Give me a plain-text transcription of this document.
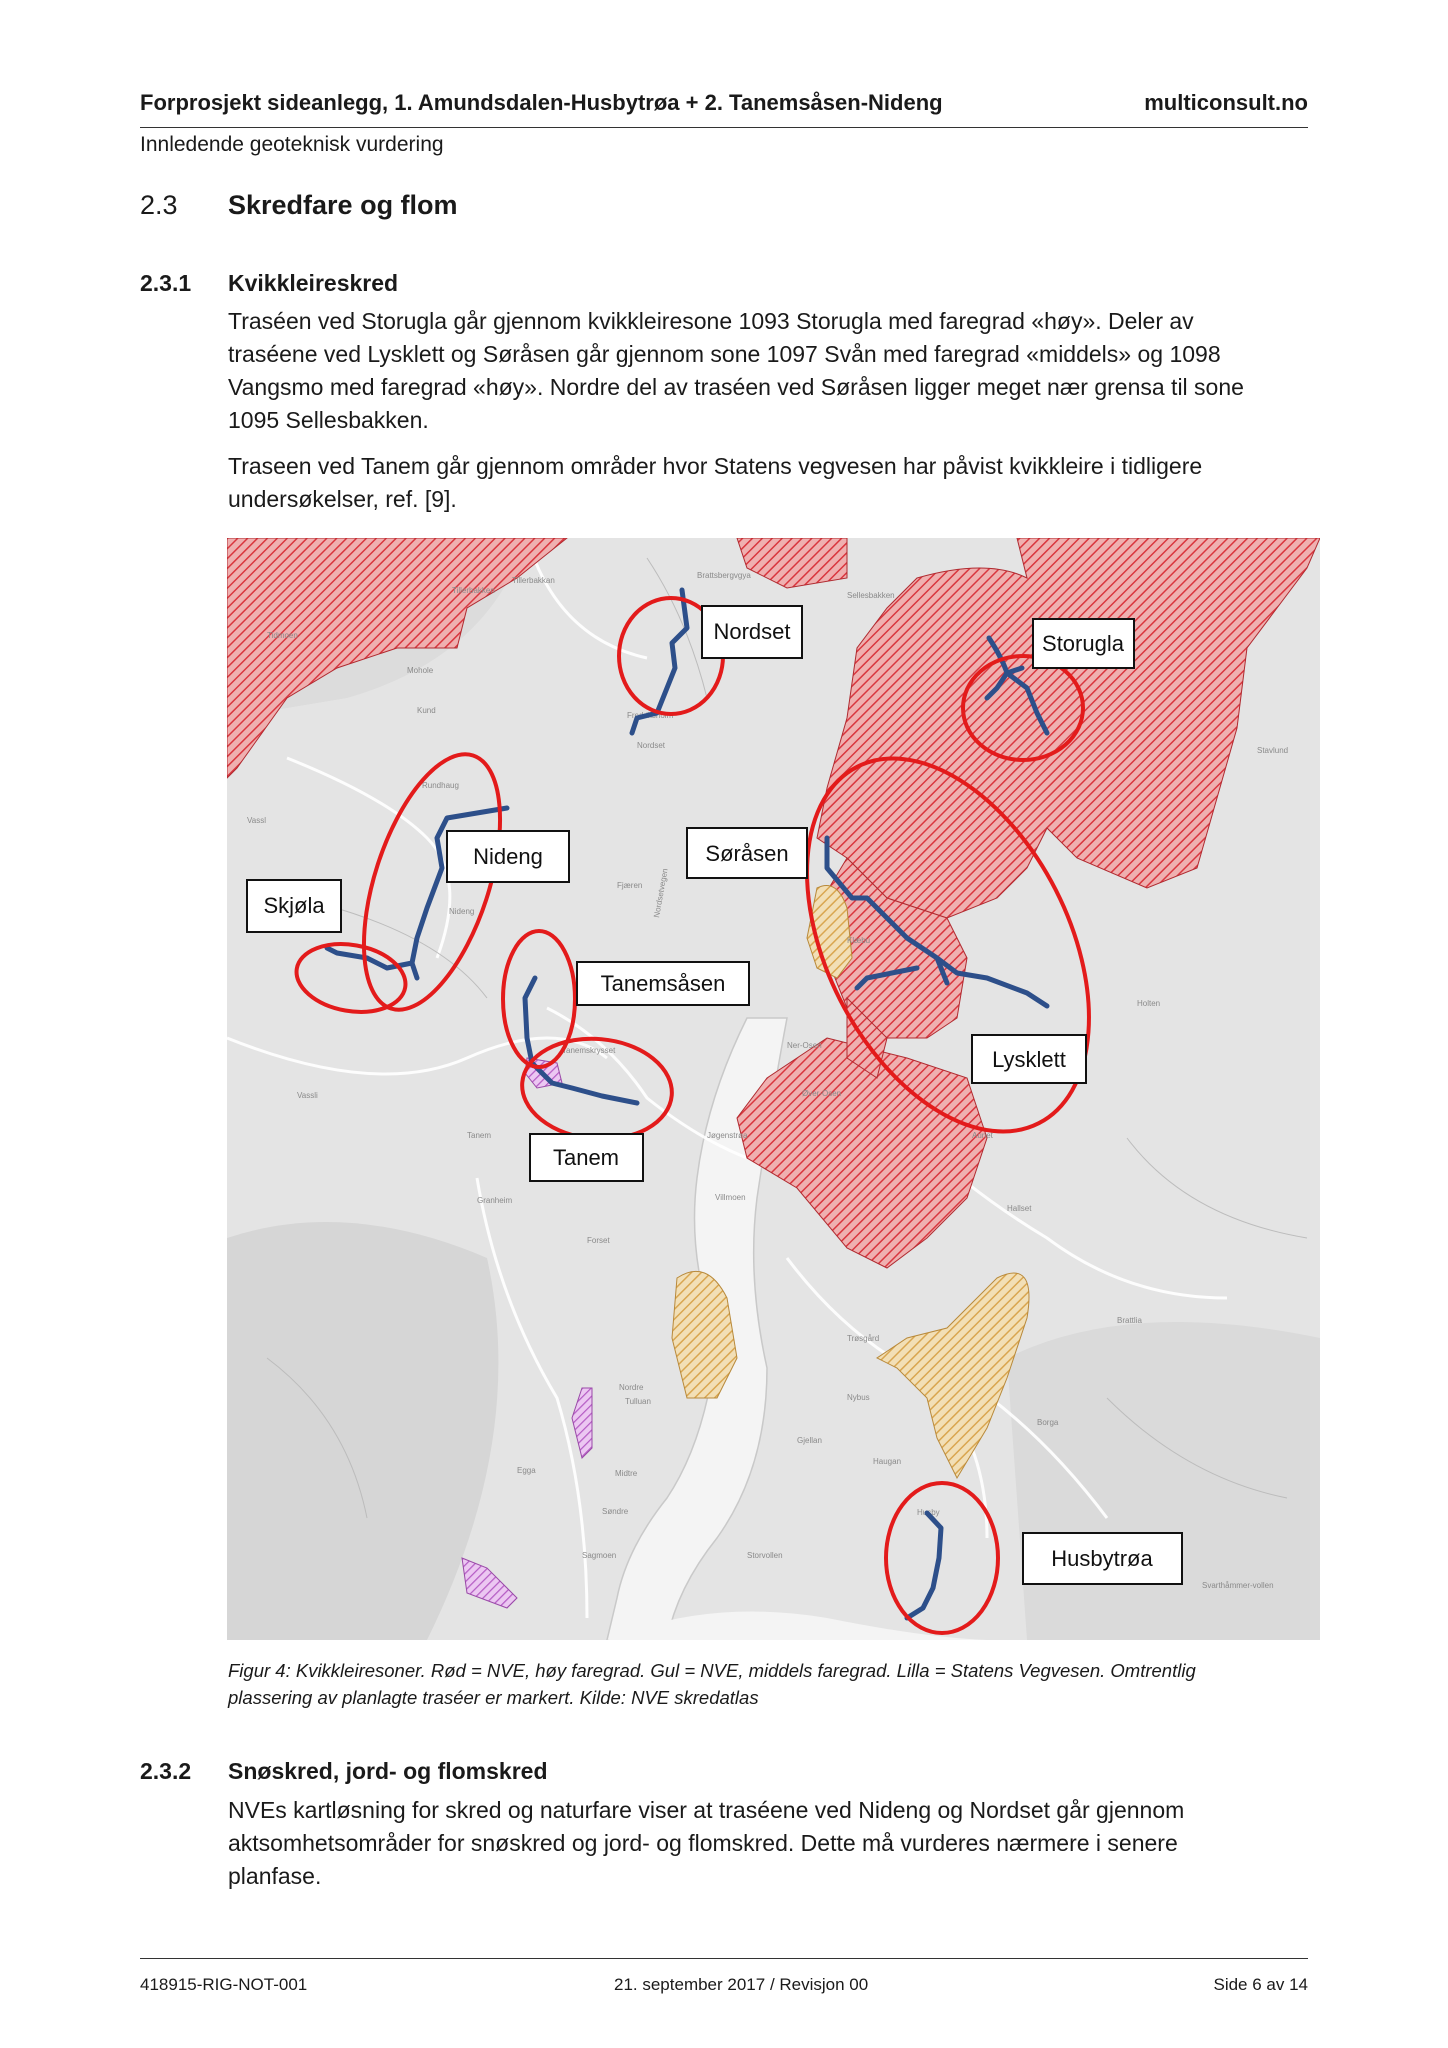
Forprosjekt sideanlegg, 1. Amundsdalen-Husbytrøa + 2. Tanemsåsen-Nideng	multiconsult.no
Innledende geoteknisk vurdering
2.3 Skredfare og flom
2.3.1 Kvikkleireskred

Traséen ved Storugla går gjennom kvikkleiresone 1093 Storugla med faregrad «høy». Deler av
traséene ved Lysklett og Søråsen går gjennom sone 1097 Svån med faregrad «middels» og 1098
Vangsmo med faregrad «høy». Nordre del av traséen ved Søråsen ligger meget nær grensa til sone
1095 Sellesbakken.

Traseen ved Tanem går gjennom områder hvor Statens vegvesen har påvist kvikkleire i tidligere
undersøkelser, ref. [9].

Tillerbakken
Tillerbakkan
Tidmoen
Mohole
Kund
Rundhaug
Vassl
Nideng
Nordset
Fjæren Nordsetvegen
Klæbu
Ner-Osen
Øver-Osen
Jøgenstrøa
Villmoen
Aunet
Hallset
Tanem
Granheim
Forset
Nordre
Tulluan
Midtre
Søndre
Egga
Sagmoen
Gjellan
Haugan
Borga
Husby
Storvollen
Brattlia
Svarthåmmer-vollen
Holten
Stavlund
Brattsbergvgya
Fredriksholm
Sellesbakken
Tanemskrysset
Vassli
Nybus
Trøsgård
Nordset	Storugla
Nideng	Søråsen
Skjøla
Tanemsåsen
Lysklett
Tanem
Husbytrøa
Figur 4: Kvikkleiresoner. Rød = NVE, høy faregrad. Gul = NVE, middels faregrad. Lilla = Statens Vegvesen. Omtrentlig
plassering av planlagte traséer er markert. Kilde: NVE skredatlas
2.3.2 Snøskred, jord- og flomskred

NVEs kartløsning for skred og naturfare viser at traséene ved Nideng og Nordset går gjennom
aktsomhetsområder for snøskred og jord- og flomskred. Dette må vurderes nærmere i senere
planfase.

418915-RIG-NOT-001	21. september 2017 / Revisjon 00	Side 6 av 14
